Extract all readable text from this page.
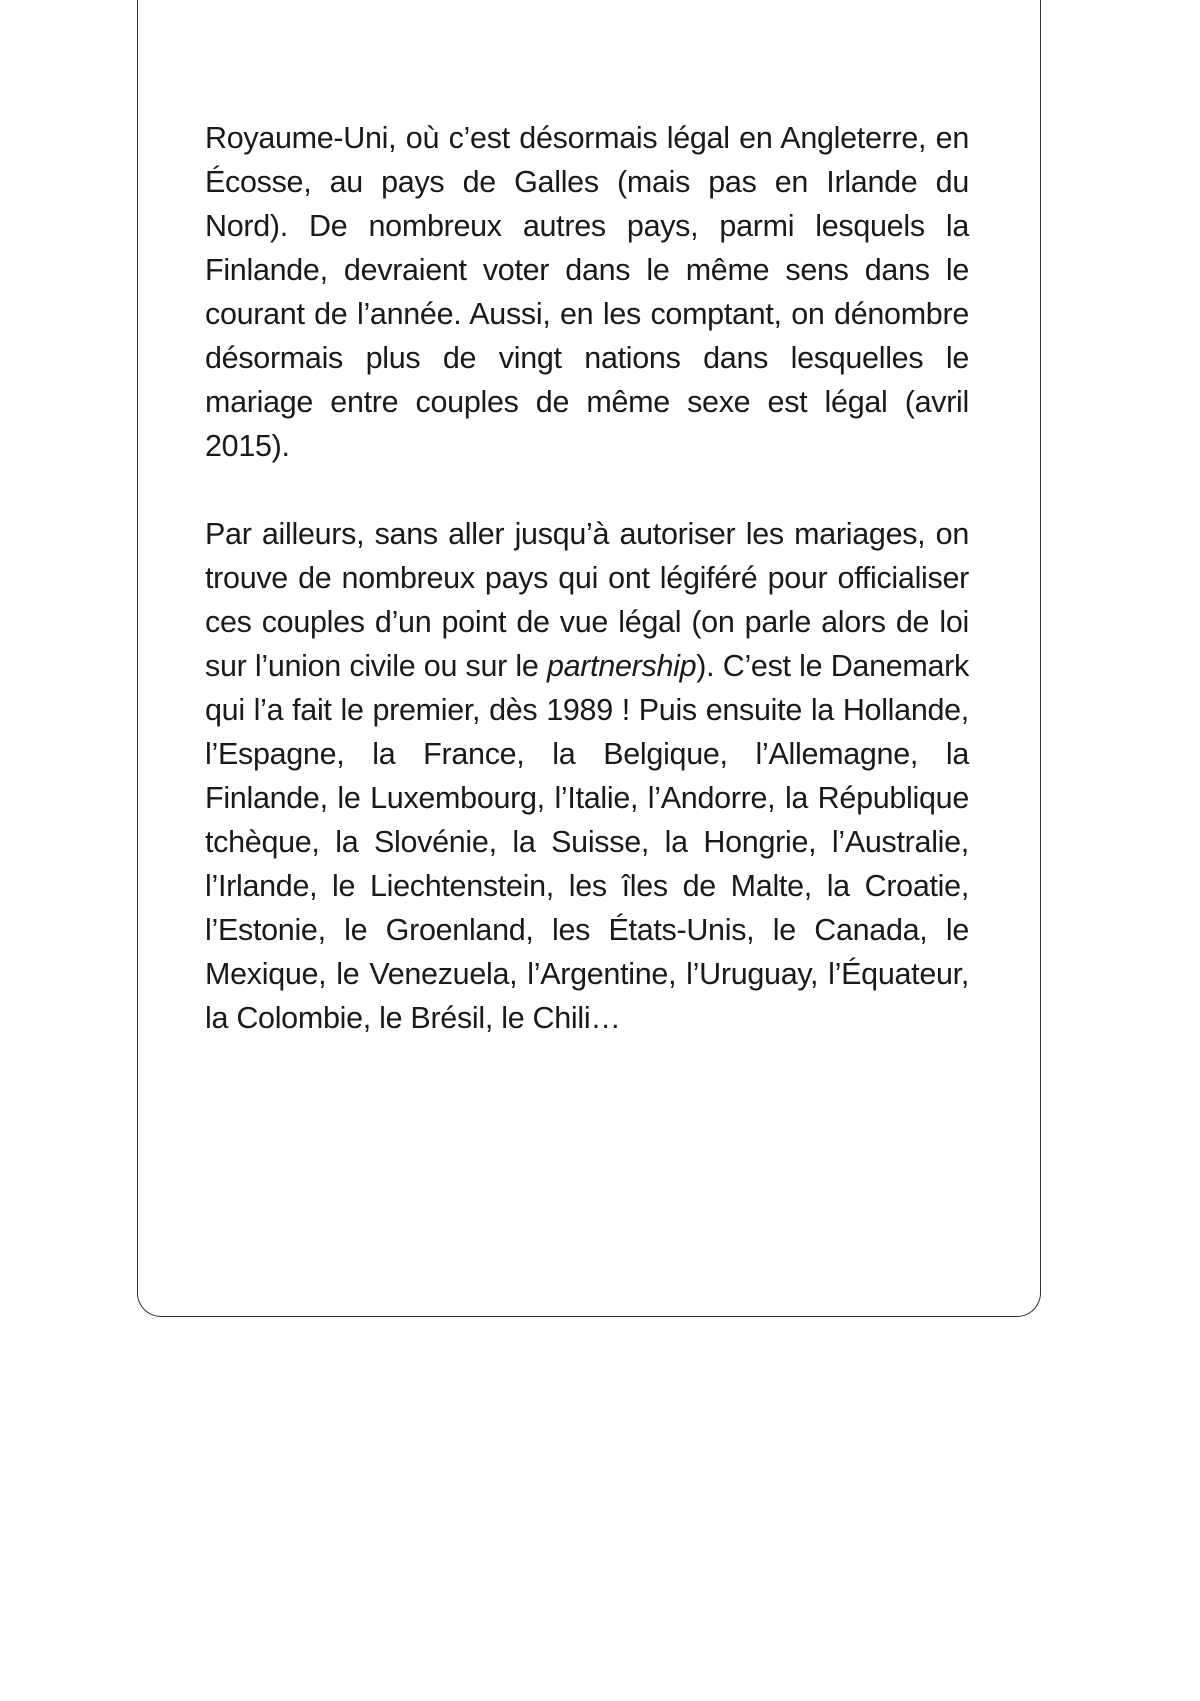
Royaume-Uni, où c’est désormais légal en Angleterre, en Écosse, au pays de Galles (mais pas en Irlande du Nord). De nombreux autres pays, parmi lesquels la Finlande, devraient voter dans le même sens dans le courant de l’année. Aussi, en les comptant, on dénombre désormais plus de vingt nations dans lesquelles le mariage entre couples de même sexe est légal (avril 2015).

Par ailleurs, sans aller jusqu’à autoriser les mariages, on trouve de nombreux pays qui ont légiféré pour officialiser ces couples d’un point de vue légal (on parle alors de loi sur l’union civile ou sur le partnership). C’est le Danemark qui l’a fait le premier, dès 1989 ! Puis ensuite la Hollande, l’Espagne, la France, la Belgique, l’Allemagne, la Finlande, le Luxembourg, l’Italie, l’Andorre, la République tchèque, la Slovénie, la Suisse, la Hongrie, l’Australie, l’Irlande, le Liechtenstein, les îles de Malte, la Croatie, l’Estonie, le Groenland, les États-Unis, le Canada, le Mexique, le Venezuela, l’Argentine, l’Uruguay, l’Équateur, la Colombie, le Brésil, le Chili…
